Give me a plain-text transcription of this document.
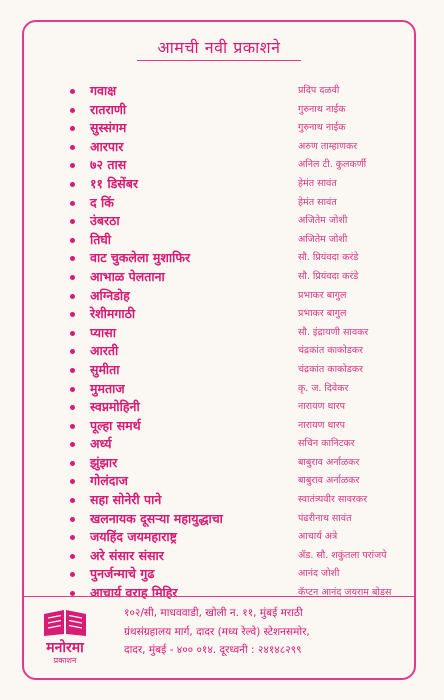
आमची नवी प्रकाशने
गवाक्ष	प्रदिप दळवी
रातराणी	गुरुनाथ नाईक
सुस्संगम	गुरुनाथ नाईक
आरपार	अरुण ताम्हाणकर
७२ तास	अनिल टी. कुलकर्णी
११ डिसेंबर	हेमंत सावंत
द किं	हेमंत सावंत
उंबरठा	अजितेम जोशी
तिघी	अजितेम जोशी
वाट चुकलेला मुशाफिर	सौ. प्रियंवदा करंडे
आभाळ पेलताना	सौ. प्रियंवदा करंडे
अग्निडोह	प्रभाकर बागुल
रेशीमगाठी	प्रभाकर बागुल
प्यासा	सौ. इंद्रायणी सावकर
आरती	चंद्रकांत काकोडकर
सुमीता	चंद्रकांत काकोडकर
मुमताज	कृ. ज. दिवेकर
स्वप्नमोहिनी	नारायण धारप
पूल्हा समर्थ	नारायण धारप
अर्ध्य	सचिन कानिटकर
झुंझार	बाबुराव अर्नाळकर
गोलंदाज	बाबुराव अर्नाळकर
सहा सोनेरी पाने	स्वातंत्र्यवीर सावरकर
खलनायक दूसऱ्या महायुद्धाचा	पंढरीनाथ सावंत
जयहिंद जयमहाराष्ट्र	आचार्य अत्रे
अरे संसार संसार	ॲड. सौ. शकुंतला परांजपे
पुनर्जन्माचे गुढ	आनंद जोशी
आचार्य वराह मिहिर	कॅप्टन आनंद जयराम बोडस
मनोरमा
प्रकाशन
१०२/सी, माधववाडी, खोली न. ११, मुंबई मराठी
ग्रंथसंग्रहालय मार्ग, दादर (मध्य रेल्वे) स्टेशनसमोर,
दादर, मुंबई - ४०० ०१४. दूरध्वनी : २४१४८२९९
